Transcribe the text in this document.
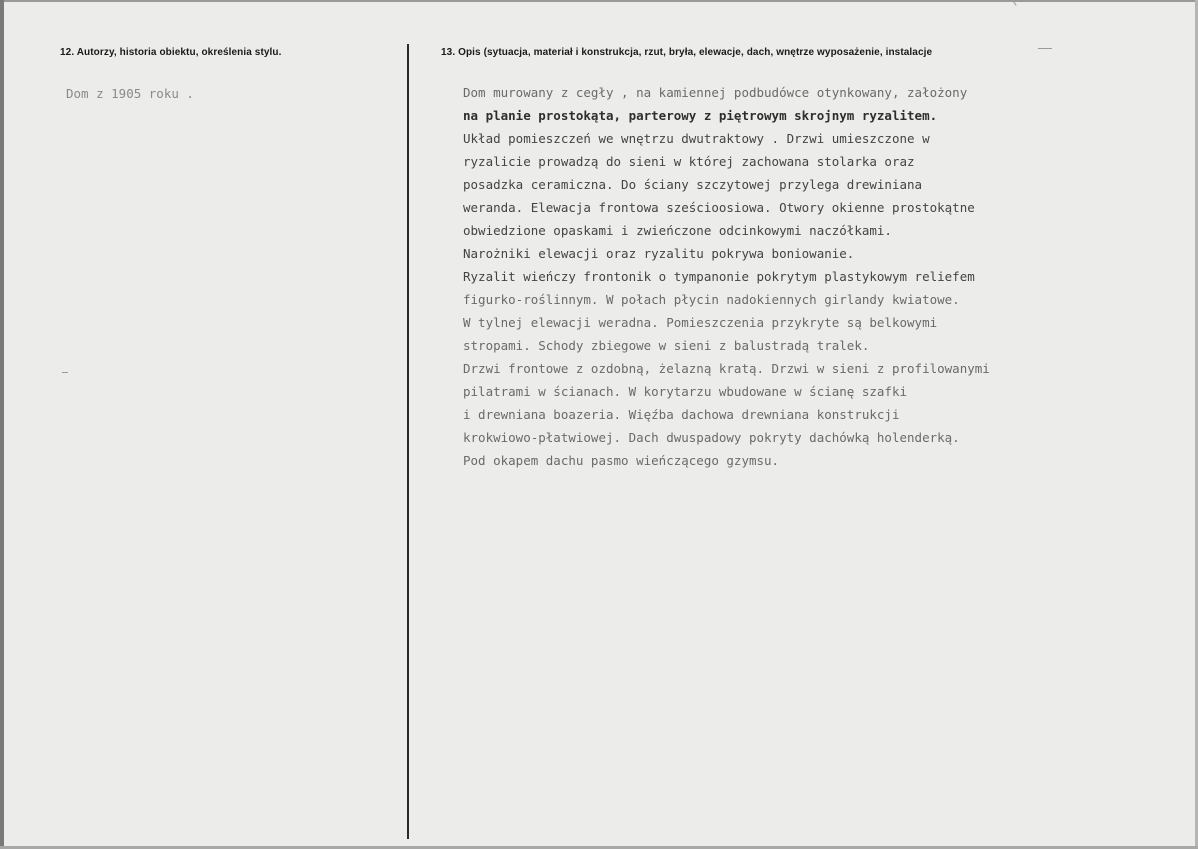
12. Autorzy, historia obiektu, określenia stylu.	13. Opis (sytuacja, materiał i konstrukcja, rzut, bryła, elewacje, dach, wnętrze wyposażenie, instalacje
Dom z 1905 roku .	Dom murowany z cegły , na kamiennej podbudówce otynkowany, założony
na planie prostokąta, parterowy z piętrowym skrojnym ryzalitem.
Układ pomieszczeń we wnętrzu dwutraktowy . Drzwi umieszczone w
ryzalicie prowadzą do sieni w której zachowana stolarka oraz
posadzka ceramiczna. Do ściany szczytowej przylega drewiniana
weranda. Elewacja frontowa sześcioosiowa. Otwory okienne prostokątne
obwiedzione opaskami i zwieńczone odcinkowymi naczółkami.
Narożniki elewacji oraz ryzalitu pokrywa boniowanie.
Ryzalit wieńczy frontonik o tympanonie pokrytym plastykowym reliefem
figurko-roślinnym. W połach płycin nadokiennych girlandy kwiatowe.
W tylnej elewacji weradna. Pomieszczenia przykryte są belkowymi
stropami. Schody zbiegowe w sieni z balustradą tralek.
Drzwi frontowe z ozdobną, żelazną kratą. Drzwi w sieni z profilowanymi
pilatrami w ścianach. W korytarzu wbudowane w ścianę szafki
i drewniana boazeria. Więźba dachowa drewniana konstrukcji
krokwiowo-płatwiowej. Dach dwuspadowy pokryty dachówką holenderką.
Pod okapem dachu pasmo wieńczącego gzymsu.
